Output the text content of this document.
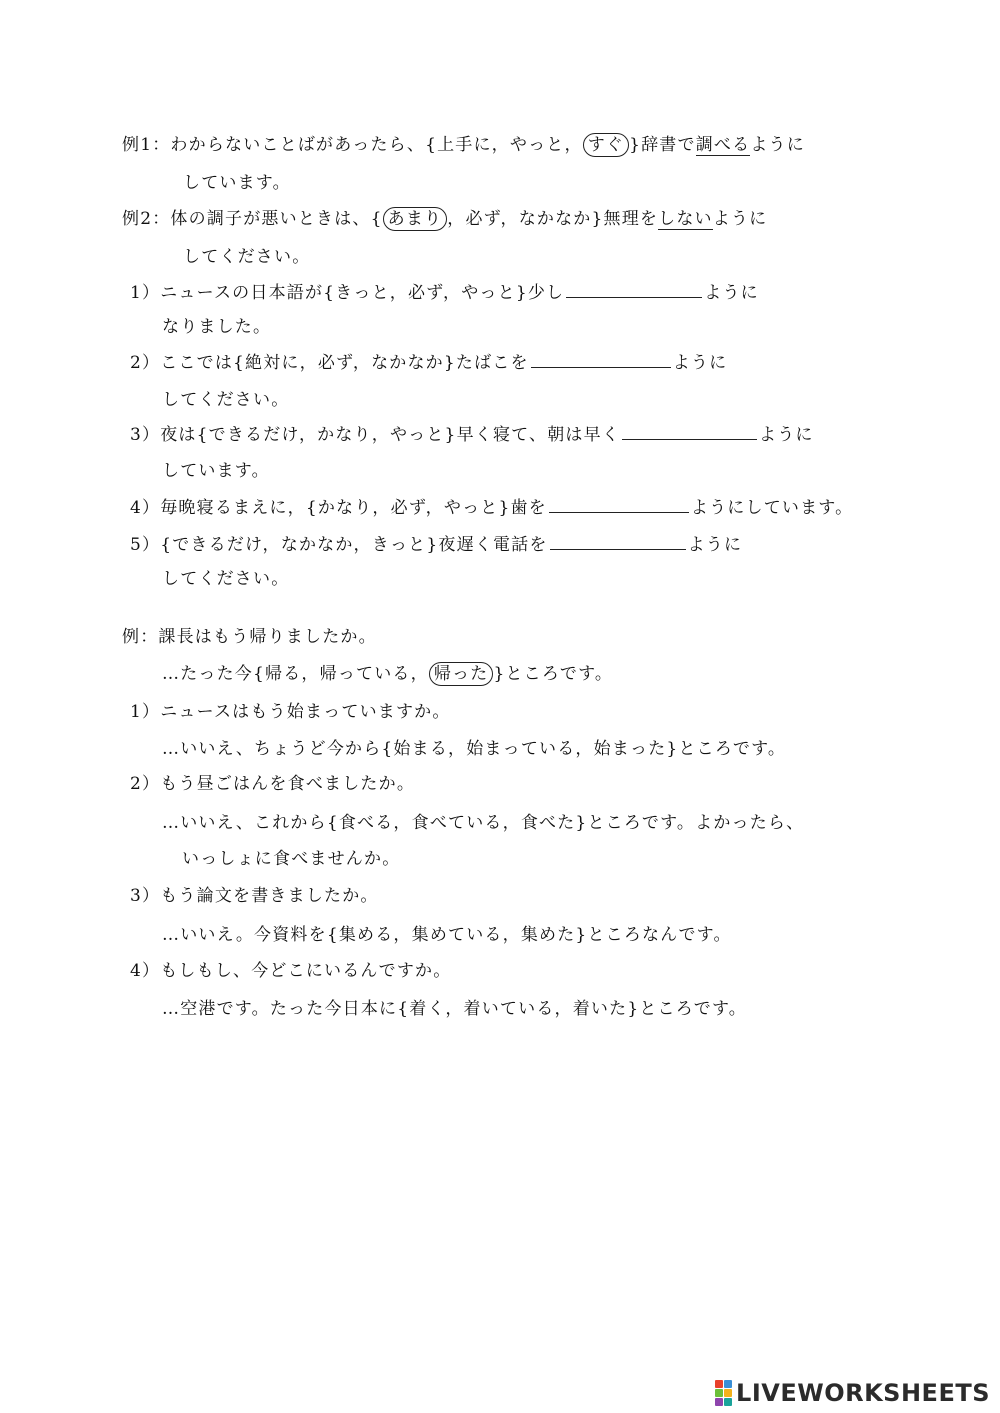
例1：わからないことばがあったら、{上手に，やっと， すぐ }辞書で調べるように
しています。
例2：体の調子が悪いときは、{ あまり ，必ず，なかなか}無理をしないように
してください。
1）ニュースの日本語が{きっと，必ず，やっと}少し	ように
なりました。
2）ここでは{絶対に，必ず，なかなか}たばこを	ように
してください。
3）夜は{できるだけ，かなり，やっと}早く寝て、朝は早く	ように
しています。
4）毎晩寝るまえに，{かなり，必ず，やっと}歯を	ようにしています。
5）{できるだけ，なかなか，きっと}夜遅く電話を	ように
してください。
例：課長はもう帰りましたか。
…たった今{帰る，帰っている， 帰った }ところです。
1）ニュースはもう始まっていますか。
…いいえ、ちょうど今から{始まる，始まっている，始まった}ところです。
2）もう昼ごはんを食べましたか。
…いいえ、これから{食べる，食べている，食べた}ところです。よかったら、
いっしょに食べませんか。
3）もう論文を書きましたか。
…いいえ。今資料を{集める，集めている，集めた}ところなんです。
4）もしもし、今どこにいるんですか。
…空港です。たった今日本に{着く，着いている，着いた}ところです。
LIVEWORKSHEETS
